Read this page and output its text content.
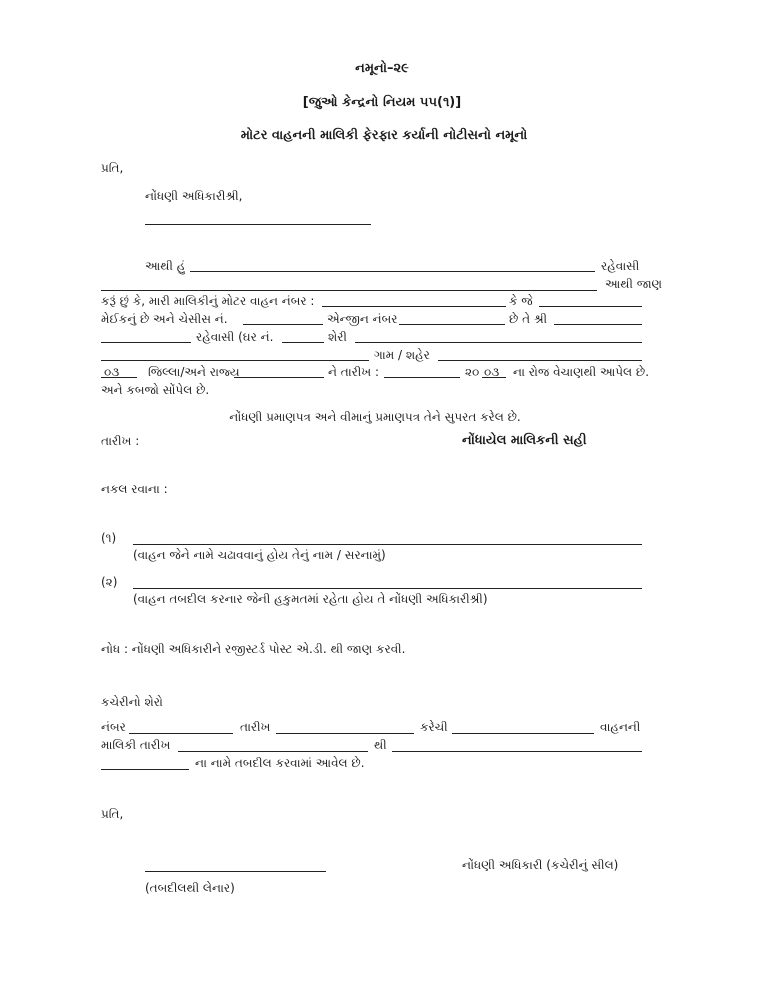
નમૂનો–૨૯
[જુઓ કેન્દ્રનો નિયમ ૫૫(૧)]
મોટર વાહનની માલિકી ફેરફાર કર્યાની નોટીસનો નમૂનો
પ્રતિ,
નોંધણી અધિકારીશ્રી,
આથી હું	રહેવાસી
આથી જાણ
કરૂં છું કે, મારી માલિકીનું મોટર વાહન નંબર :	કે જે
મેઈકનું છે અને ચેસીસ નં.	એન્જીન નંબર	છે તે શ્રી
રહેવાસી (ઘર નં.	શેરી
ગામ / શહેર
૦૩ જિલ્લા/અને રાજ્ય	ને તારીખ :	૨૦ ૦૩ ના રોજ વેચાણથી આપેલ છે.
અને કબજો સોંપેલ છે.
નોંધણી પ્રમાણપત્ર અને વીમાનું પ્રમાણપત્ર તેને સુપરત કરેલ છે.
તારીખ :	નોંધાયેલ માલિકની સહી
નકલ રવાના :
(૧)
(વાહન જેને નામે ચઢાવવાનું હોય તેનું નામ / સરનામું)
(૨)
(વાહન તબદીલ કરનાર જેની હકુમતમાં રહેતા હોય તે નોંધણી અધિકારીશ્રી)
નોધ : નોંધણી અધિકારીને રજીસ્ટર્ડ પોસ્ટ એ.ડી. થી જાણ કરવી.
કચેરીનો શેરો
નંબર	તારીખ	કરેચી	વાહનની
માલિકી તારીખ	થી
ના નામે તબદીલ કરવામાં આવેલ છે.
પ્રતિ,
નોંધણી અધિકારી (કચેરીનું સીલ)
(તબદીલથી લેનાર)
